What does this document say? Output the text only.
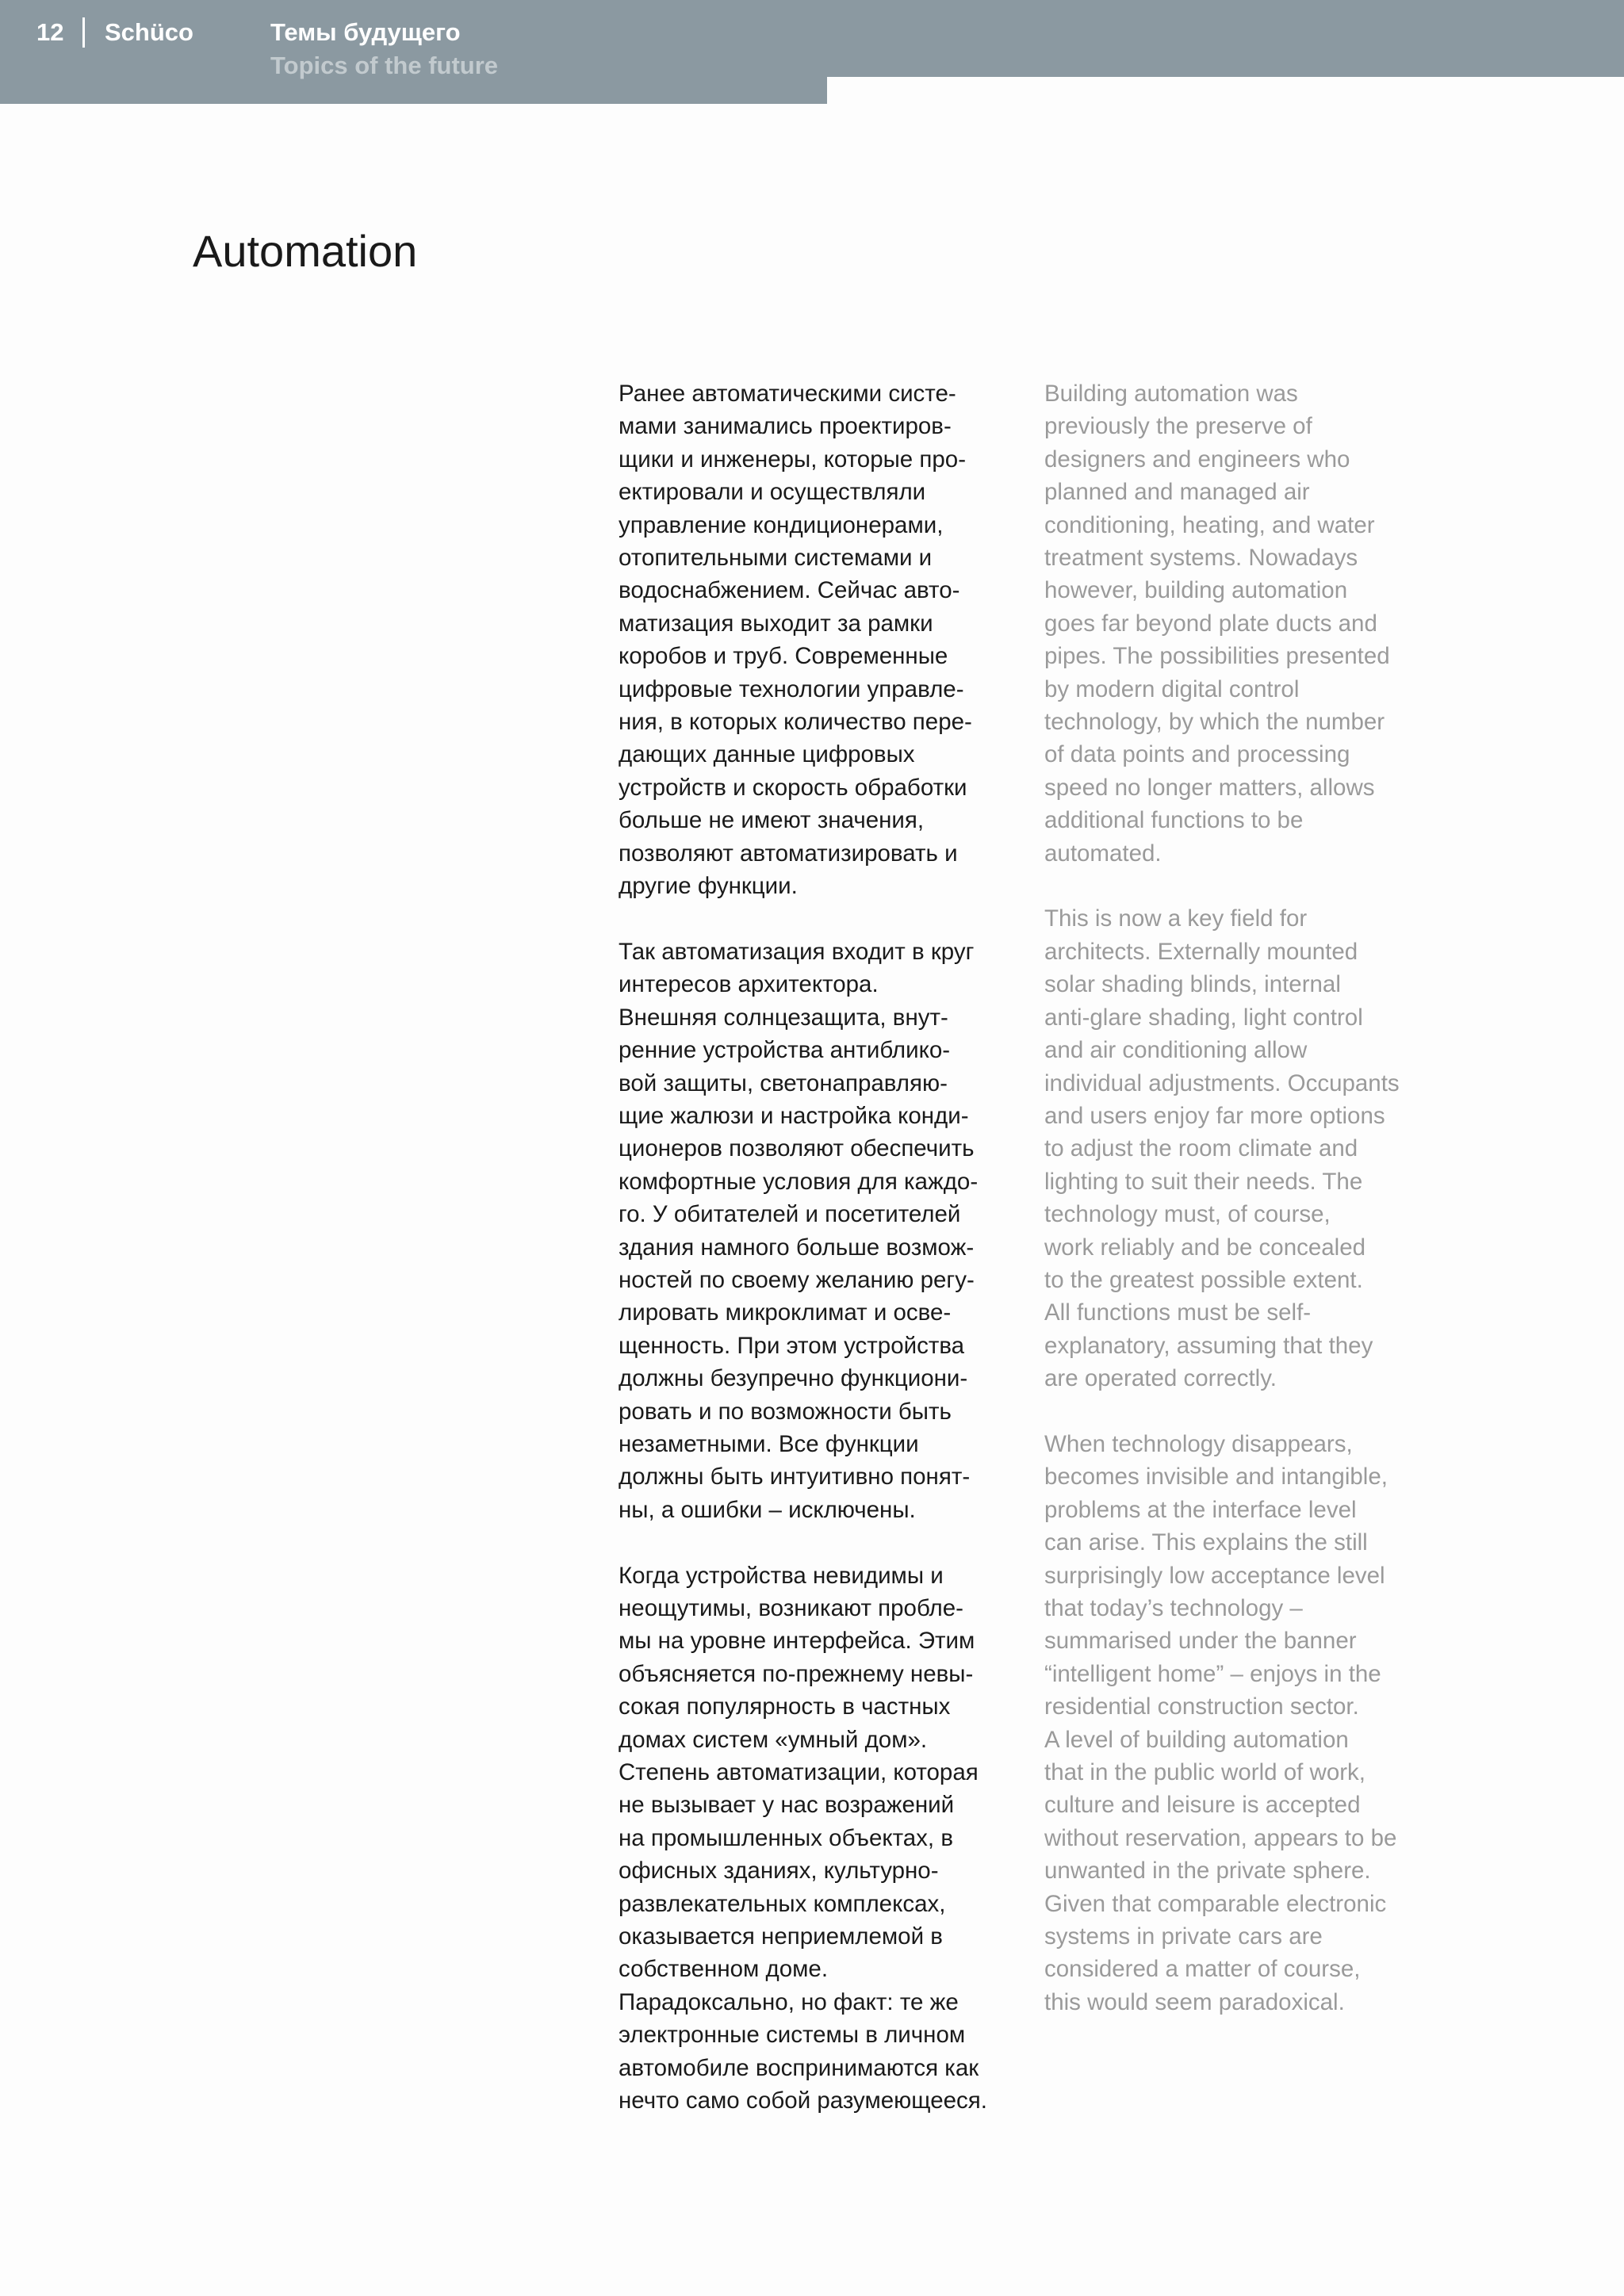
12 Schüco	Темы будущего
Topics of the future
Automation

Ранее автоматическими систе-
мами занимались проектиров-
щики и инженеры, которые про-
ектировали и осуществляли
управление кондиционерами,
отопительными системами и
водоснабжением. Сейчас авто-
матизация выходит за рамки
коробов и труб. Современные
цифровые технологии управле-
ния, в которых количество пере-
дающих данные цифровых
устройств и скорость обработки
больше не имеют значения,
позволяют автоматизировать и
другие функции.

Так автоматизация входит в круг
интересов архитектора.
Внешняя солнцезащита, внут-
ренние устройства антиблико-
вой защиты, светонаправляю-
щие жалюзи и настройка конди-
ционеров позволяют обеспечить
комфортные условия для каждо-
го. У обитателей и посетителей
здания намного больше возмож-
ностей по своему желанию регу-
лировать микроклимат и осве-
щенность. При этом устройства
должны безупречно функциони-
ровать и по возможности быть
незаметными. Все функции
должны быть интуитивно понят-
ны, а ошибки – исключены.

Когда устройства невидимы и
неощутимы, возникают пробле-
мы на уровне интерфейса. Этим
объясняется по-прежнему невы-
сокая популярность в частных
домах систем «умный дом».
Степень автоматизации, которая
не вызывает у нас возражений
на промышленных объектах, в
офисных зданиях, культурно-
развлекательных комплексах,
оказывается неприемлемой в
собственном доме.
Парадоксально, но факт: те же
электронные системы в личном
автомобиле воспринимаются как
нечто само собой разумеющееся.

Building automation was
previously the preserve of
designers and engineers who
planned and managed air
conditioning, heating, and water
treatment systems. Nowadays
however, building automation
goes far beyond plate ducts and
pipes. The possibilities presented
by modern digital control
technology, by which the number
of data points and processing
speed no longer matters, allows
additional functions to be
automated.

This is now a key field for
architects. Externally mounted
solar shading blinds, internal
anti-glare shading, light control
and air conditioning allow
individual adjustments. Occupants
and users enjoy far more options
to adjust the room climate and
lighting to suit their needs. The
technology must, of course,
work reliably and be concealed
to the greatest possible extent.
All functions must be self-
explanatory, assuming that they
are operated correctly.

When technology disappears,
becomes invisible and intangible,
problems at the interface level
can arise. This explains the still
surprisingly low acceptance level
that today’s technology –
summarised under the banner
“intelligent home” – enjoys in the
residential construction sector.
A level of building automation
that in the public world of work,
culture and leisure is accepted
without reservation, appears to be
unwanted in the private sphere.
Given that comparable electronic
systems in private cars are
considered a matter of course,
this would seem paradoxical.
